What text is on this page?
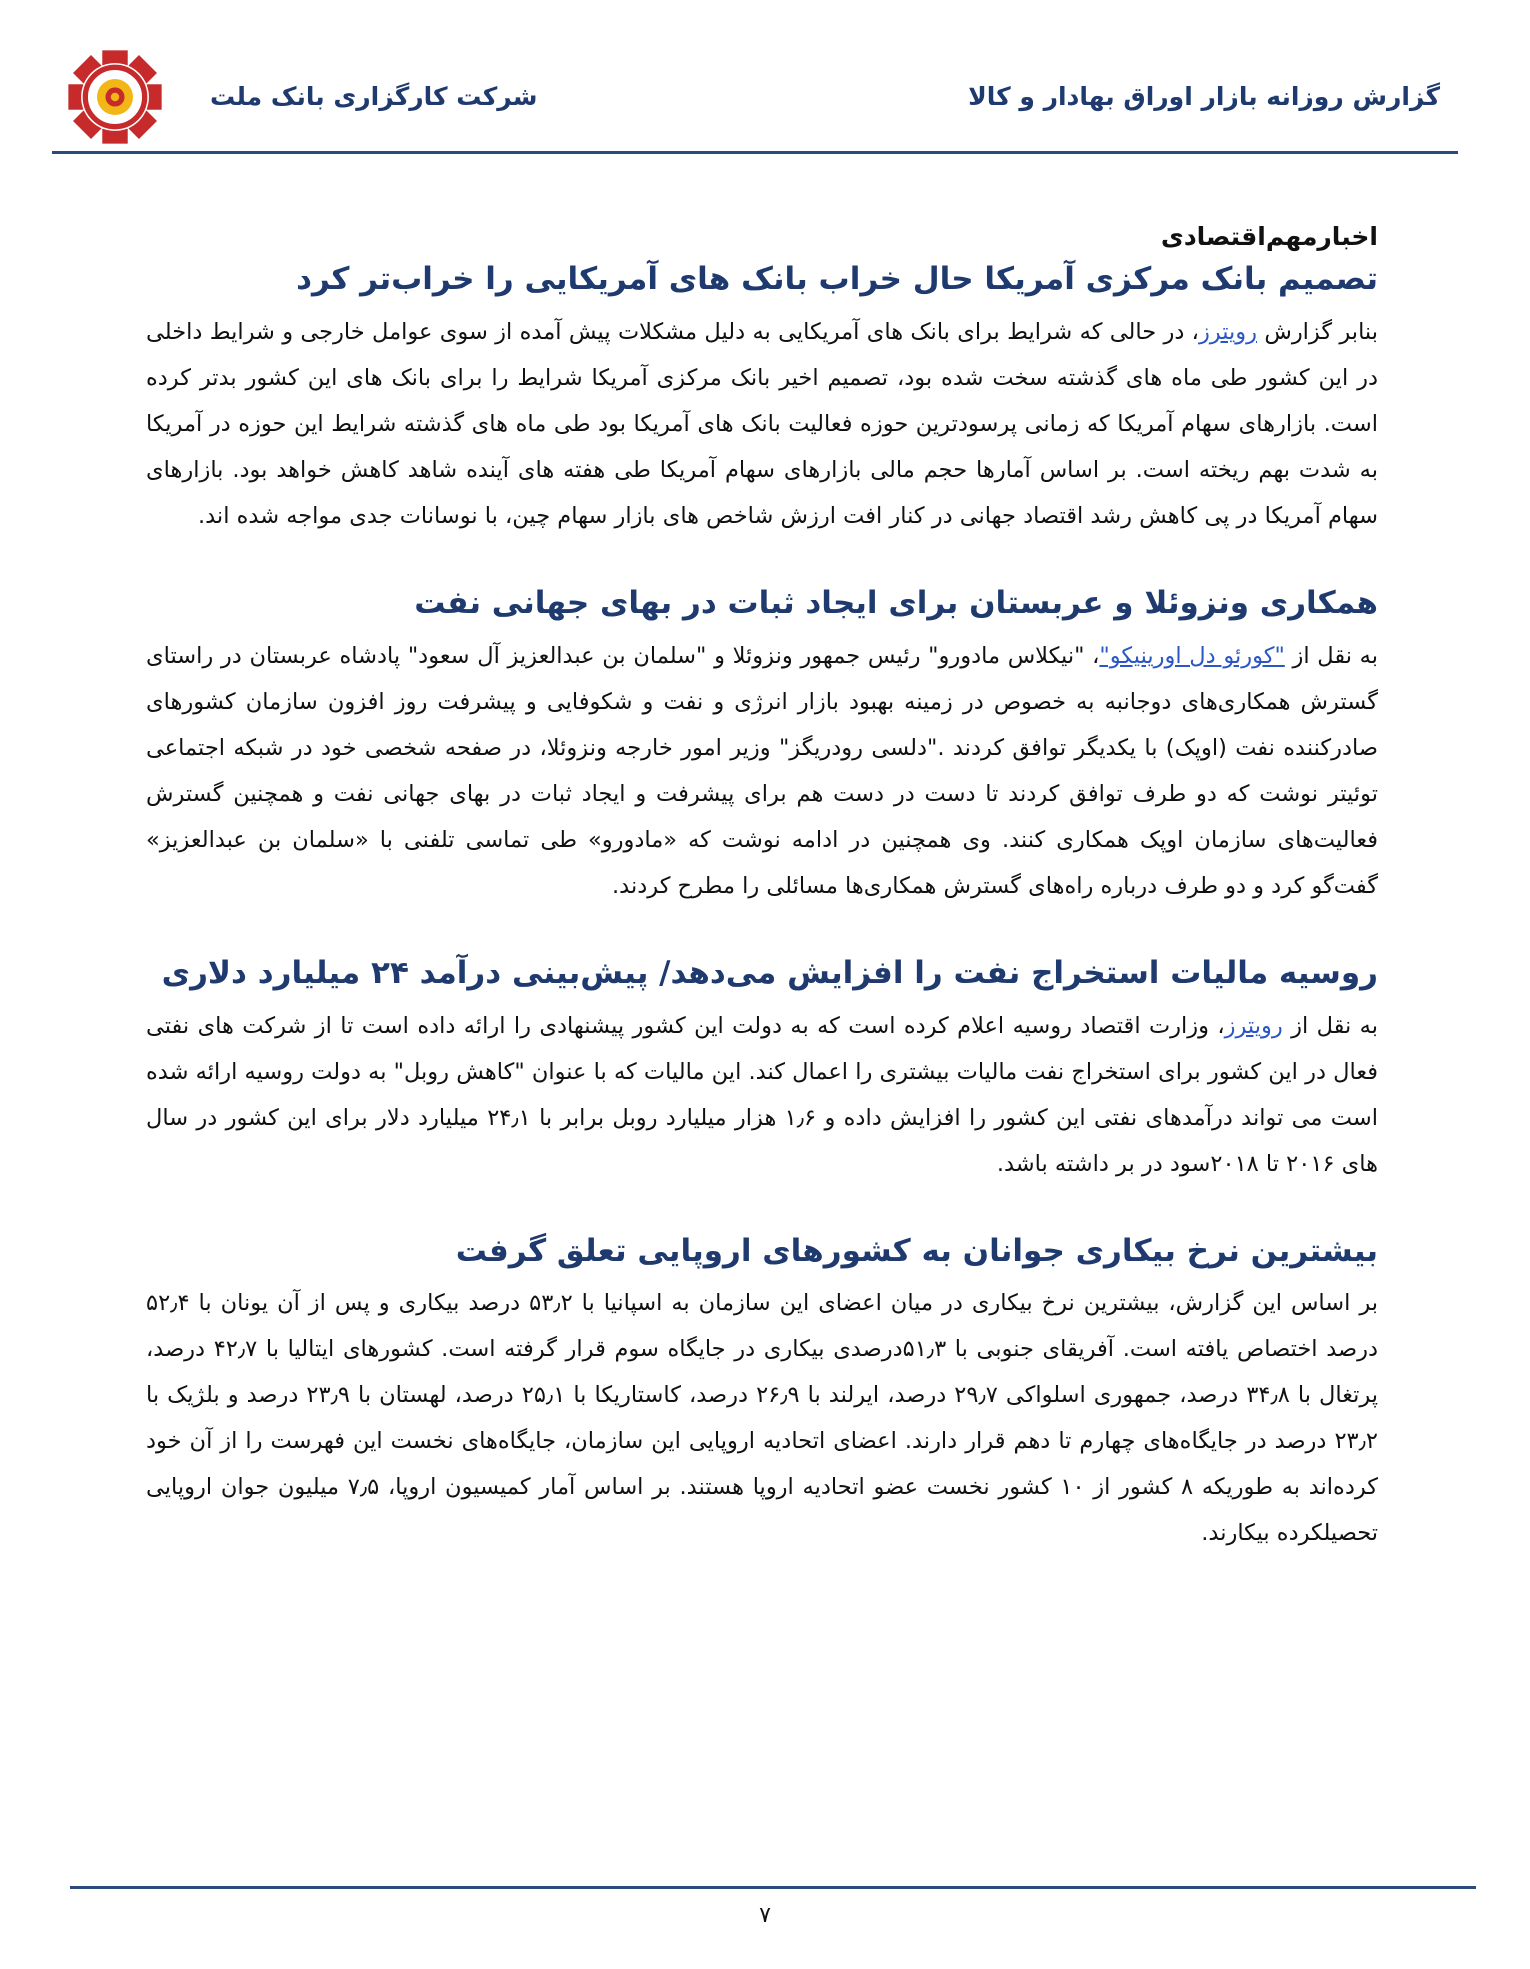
شرکت کارگزاری بانک ملت	گزارش روزانه بازار اوراق بهادار و کالا
اخبارمهم‌اقتصادی
تصمیم بانک مرکزی آمریکا حال خراب بانک های آمریکایی را خراب‌تر کرد

بنابر گزارش رویترز، در حالی که شرایط برای بانک های آمریکایی به دلیل مشکلات پیش آمده از سوی عوامل خارجی و شرایط داخلی در این کشور طی ماه های گذشته سخت شده بود، تصمیم اخیر بانک مرکزی آمریکا شرایط را برای بانک های این کشور بدتر کرده است. بازارهای سهام آمریکا که زمانی پرسودترین حوزه فعالیت بانک های آمریکا بود طی ماه های گذشته شرایط این حوزه در آمریکا به شدت بهم ریخته است. بر اساس آمارها حجم مالی بازارهای سهام آمریکا طی هفته های آینده شاهد کاهش خواهد بود. بازارهای سهام آمریکا در پی کاهش رشد اقتصاد جهانی در کنار افت ارزش شاخص های بازار سهام چین، با نوسانات جدی مواجه شده اند.

همکاری ونزوئلا و عربستان برای ایجاد ثبات در بهای جهانی نفت

به نقل از "کورئو دل اورینیکو"، "نیکلاس مادورو" رئیس جمهور ونزوئلا و "سلمان بن عبدالعزیز آل سعود" پادشاه عربستان در راستای گسترش همکاری‌های دوجانبه به خصوص در زمینه بهبود بازار انرژی و نفت و شکوفایی و پیشرفت روز افزون سازمان کشورهای صادرکننده نفت (اوپک) با یکدیگر توافق کردند ."دلسی رودریگز" وزیر امور خارجه ونزوئلا، در صفحه شخصی خود در شبکه اجتماعی توئیتر نوشت که دو طرف توافق کردند تا دست در دست هم برای پیشرفت و ایجاد ثبات در بهای جهانی نفت و همچنین گسترش فعالیت‌های سازمان اوپک همکاری کنند. وی همچنین در ادامه نوشت که «مادورو» طی تماسی تلفنی با «سلمان بن عبدالعزیز» گفت‌گو کرد و دو طرف درباره راه‌های گسترش همکاری‌ها مسائلی را مطرح کردند.

روسیه مالیات استخراج نفت را افزایش می‌دهد/ پیش‌بینی درآمد ۲۴ میلیارد دلاری

به نقل از رویترز، وزارت اقتصاد روسیه اعلام کرده است که به دولت این کشور پیشنهادی را ارائه داده است تا از شرکت های نفتی فعال در این کشور برای استخراج نفت مالیات بیشتری را اعمال کند. این مالیات که با عنوان "کاهش روبل" به دولت روسیه ارائه شده است می تواند درآمدهای نفتی این کشور را افزایش داده و ۱٫۶ هزار میلیارد روبل برابر با ۲۴٫۱ میلیارد دلار برای این کشور در سال های ۲۰۱۶ تا ۲۰۱۸سود در بر داشته باشد.

بیشترین نرخ بیکاری جوانان به کشورهای اروپایی تعلق گرفت

بر اساس این گزارش، بیشترین نرخ بیکاری در میان اعضای این سازمان به اسپانیا با ۵۳٫۲ درصد بیکاری و پس از آن یونان با ۵۲٫۴ درصد اختصاص یافته است. آفریقای جنوبی با ۵۱٫۳درصدی بیکاری در جایگاه سوم قرار گرفته است. کشورهای ایتالیا با ۴۲٫۷ درصد، پرتغال با ۳۴٫۸ درصد، جمهوری اسلواکی ۲۹٫۷ درصد، ایرلند با ۲۶٫۹ درصد، کاستاریکا با ۲۵٫۱ درصد، لهستان با ۲۳٫۹ درصد و بلژیک با ۲۳٫۲ درصد در جایگاه‌های چهارم تا دهم قرار دارند. اعضای اتحادیه اروپایی این سازمان، جایگاه‌های نخست این فهرست را از آن خود کرده‌اند به طوریکه ۸ کشور از ۱۰ کشور نخست عضو اتحادیه اروپا هستند. بر اساس آمار کمیسیون اروپا، ۷٫۵ میلیون جوان اروپایی تحصیلکرده بیکارند.

۷
